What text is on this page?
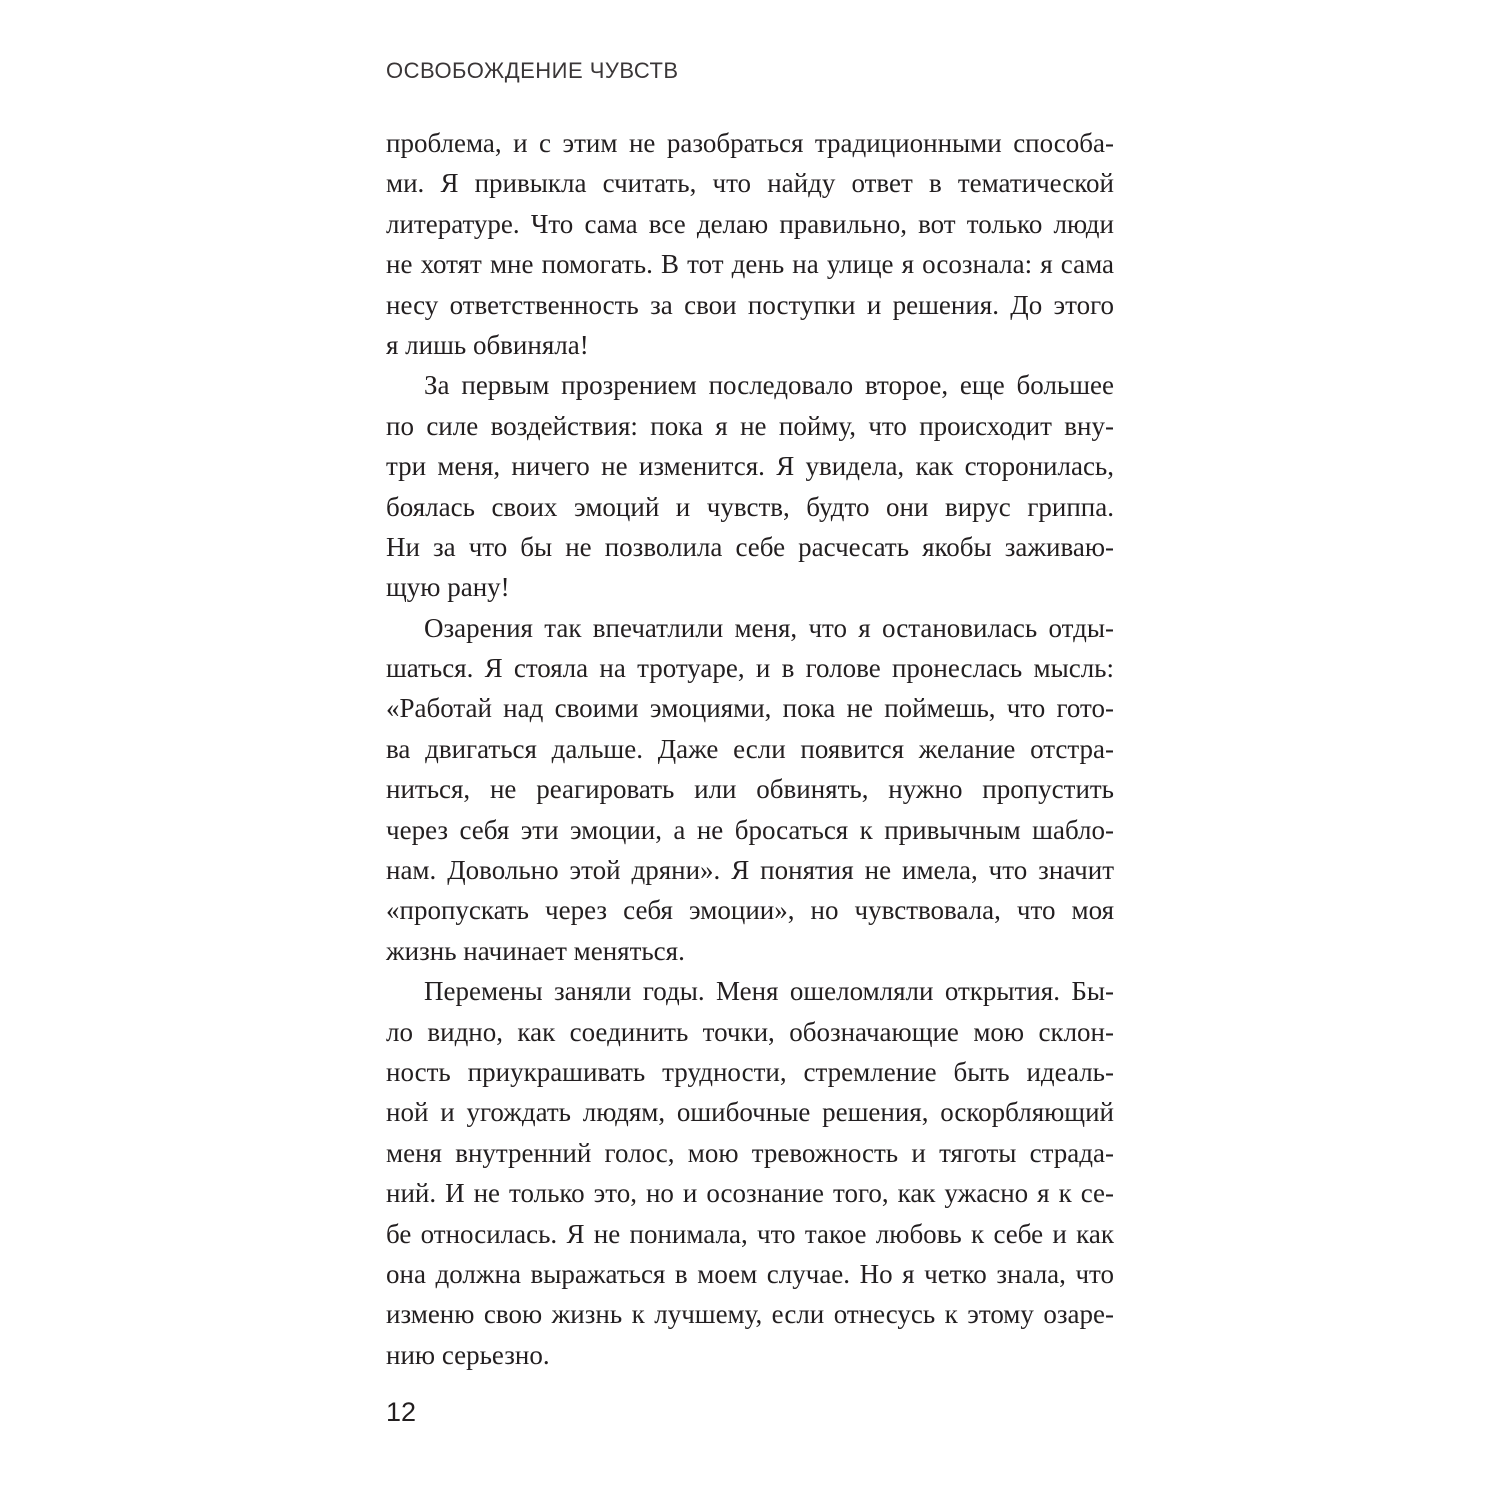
ОСВОБОЖДЕНИЕ ЧУВСТВ

проблема, и с этим не разобраться традиционными способа-
ми. Я привыкла считать, что найду ответ в тематической
литературе. Что сама все делаю правильно, вот только люди
не хотят мне помогать. В тот день на улице я осознала: я сама
несу ответственность за свои поступки и решения. До этого
я лишь обвиняла!

За первым прозрением последовало второе, еще большее
по силе воздействия: пока я не пойму, что происходит вну-
три меня, ничего не изменится. Я увидела, как сторонилась,
боялась своих эмоций и чувств, будто они вирус гриппа.
Ни за что бы не позволила себе расчесать якобы заживаю-
щую рану!

Озарения так впечатлили меня, что я остановилась отды-
шаться. Я стояла на тротуаре, и в голове пронеслась мысль:
«Работай над своими эмоциями, пока не поймешь, что гото-
ва двигаться дальше. Даже если появится желание отстра-
ниться, не реагировать или обвинять, нужно пропустить
через себя эти эмоции, а не бросаться к привычным шабло-
нам. Довольно этой дряни». Я понятия не имела, что значит
«пропускать через себя эмоции», но чувствовала, что моя
жизнь начинает меняться.

Перемены заняли годы. Меня ошеломляли открытия. Бы-
ло видно, как соединить точки, обозначающие мою склон-
ность приукрашивать трудности, стремление быть идеаль-
ной и угождать людям, ошибочные решения, оскорбляющий
меня внутренний голос, мою тревожность и тяготы страда-
ний. И не только это, но и осознание того, как ужасно я к се-
бе относилась. Я не понимала, что такое любовь к себе и как
она должна выражаться в моем случае. Но я четко знала, что
изменю свою жизнь к лучшему, если отнесусь к этому озаре-
нию серьезно.

12
